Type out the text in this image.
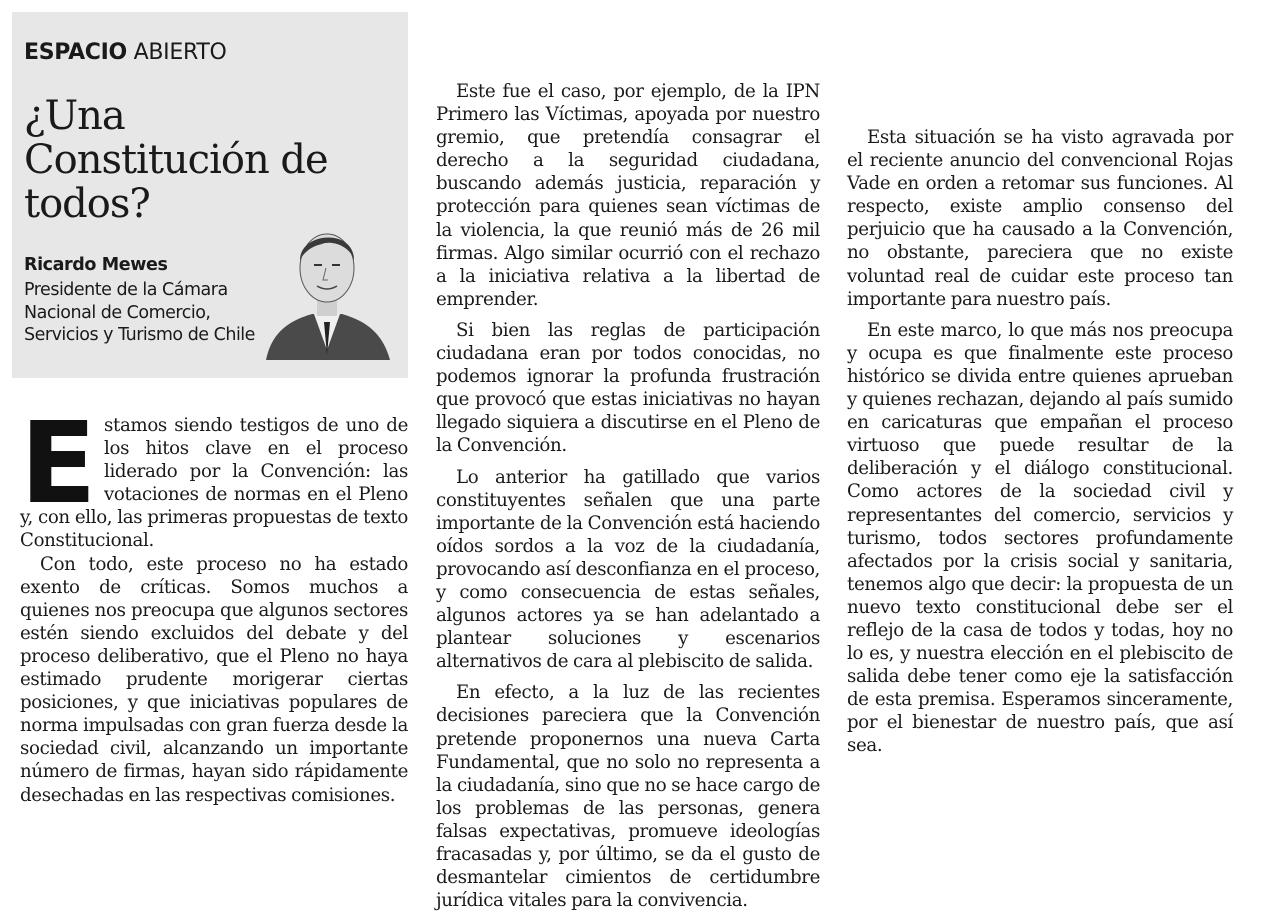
ESPACIO ABIERTO
¿Una Constitución de todos?
Ricardo Mewes
Presidente de la Cámara Nacional de Comercio, Servicios y Turismo de Chile

Estamos siendo testigos de uno de los hitos clave en el proceso liderado por la Convención: las votaciones de normas en el Pleno y, con ello, las primeras propuestas de texto Constitucional.

Con todo, este proceso no ha estado exento de críticas. Somos muchos a quienes nos preocupa que algunos sectores estén siendo excluidos del debate y del proceso deliberativo, que el Pleno no haya estimado prudente morigerar ciertas posiciones, y que iniciativas populares de norma impulsadas con gran fuerza desde la sociedad civil, alcanzando un importante número de firmas, hayan sido rápidamente desechadas en las respectivas comisiones.

Este fue el caso, por ejemplo, de la IPN Primero las Víctimas, apoyada por nuestro gremio, que pretendía consagrar el derecho a la seguridad ciudadana, buscando además justicia, reparación y protección para quienes sean víctimas de la violencia, la que reunió más de 26 mil firmas. Algo similar ocurrió con el rechazo a la iniciativa relativa a la libertad de emprender.

Si bien las reglas de participación ciudadana eran por todos conocidas, no podemos ignorar la profunda frustración que provocó que estas iniciativas no hayan llegado siquiera a discutirse en el Pleno de la Convención.

Lo anterior ha gatillado que varios constituyentes señalen que una parte importante de la Convención está haciendo oídos sordos a la voz de la ciudadanía, provocando así desconfianza en el proceso, y como consecuencia de estas señales, algunos actores ya se han adelantado a plantear soluciones y escenarios alternativos de cara al plebiscito de salida.

En efecto, a la luz de las recientes decisiones pareciera que la Convención pretende proponernos una nueva Carta Fundamental, que no solo no representa a la ciudadanía, sino que no se hace cargo de los problemas de las personas, genera falsas expectativas, promueve ideologías fracasadas y, por último, se da el gusto de desmantelar cimientos de certidumbre jurídica vitales para la convivencia.

Esta situación se ha visto agravada por el reciente anuncio del convencional Rojas Vade en orden a retomar sus funciones. Al respecto, existe amplio consenso del perjuicio que ha causado a la Convención, no obstante, pareciera que no existe voluntad real de cuidar este proceso tan importante para nuestro país.

En este marco, lo que más nos preocupa y ocupa es que finalmente este proceso histórico se divida entre quienes aprueban y quienes rechazan, dejando al país sumido en caricaturas que empañan el proceso virtuoso que puede resultar de la deliberación y el diálogo constitucional. Como actores de la sociedad civil y representantes del comercio, servicios y turismo, todos sectores profundamente afectados por la crisis social y sanitaria, tenemos algo que decir: la propuesta de un nuevo texto constitucional debe ser el reflejo de la casa de todos y todas, hoy no lo es, y nuestra elección en el plebiscito de salida debe tener como eje la satisfacción de esta premisa. Esperamos sinceramente, por el bienestar de nuestro país, que así sea.
